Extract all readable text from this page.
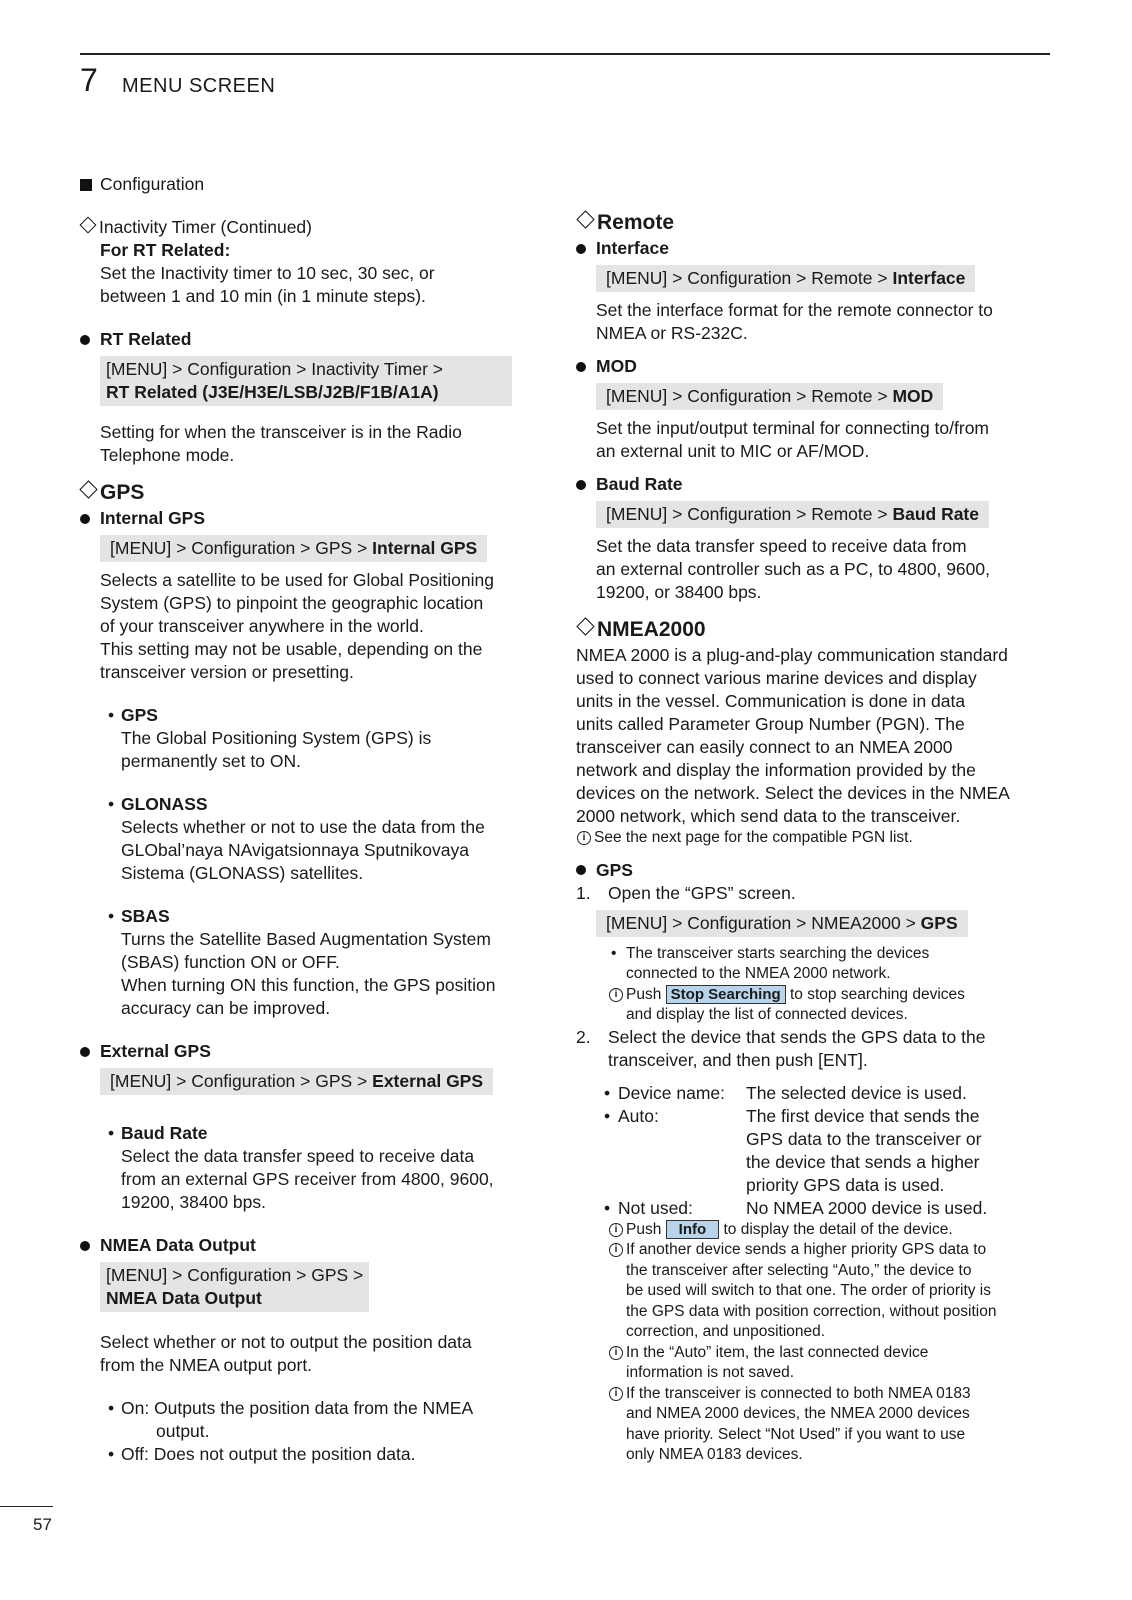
7 MENU SCREEN
Configuration

Inactivity Timer (Continued)

For RT Related:

Set the Inactivity timer to 10 sec, 30 sec, or

between 1 and 10 min (in 1 minute steps).

RT Related
[MENU] > Configuration > Inactivity Timer >
RT Related (J3E/H3E/LSB/J2B/F1B/A1A)

Setting for when the transceiver is in the Radio

Telephone mode.

GPS
Internal GPS
[MENU] > Configuration > GPS > Internal GPS

Selects a satellite to be used for Global Positioning

System (GPS) to pinpoint the geographic location

of your transceiver anywhere in the world.

This setting may not be usable, depending on the

transceiver version or presetting.

• GPS

The Global Positioning System (GPS) is

permanently set to ON.

• GLONASS

Selects whether or not to use the data from the

GLObal’naya NAvigatsionnaya Sputnikovaya

Sistema (GLONASS) satellites.

• SBAS

Turns the Satellite Based Augmentation System

(SBAS) function ON or OFF.

When turning ON this function, the GPS position

accuracy can be improved.

External GPS
[MENU] > Configuration > GPS > External GPS
• Baud Rate

Select the data transfer speed to receive data

from an external GPS receiver from 4800, 9600,

19200, 38400 bps.

NMEA Data Output
[MENU] > Configuration > GPS >
NMEA Data Output

Select whether or not to output the position data

from the NMEA output port.

• On: Outputs the position data from the NMEA output.
• Off: Does not output the position data.
Remote
Interface
[MENU] > Configuration > Remote > Interface

Set the interface format for the remote connector to

NMEA or RS-232C.

MOD
[MENU] > Configuration > Remote > MOD

Set the input/output terminal for connecting to/from

an external unit to MIC or AF/MOD.

Baud Rate
[MENU] > Configuration > Remote > Baud Rate

Set the data transfer speed to receive data from

an external controller such as a PC, to 4800, 9600,

19200, or 38400 bps.

NMEA2000

NMEA 2000 is a plug-and-play communication standard

used to connect various marine devices and display

units in the vessel. Communication is done in data

units called Parameter Group Number (PGN). The

transceiver can easily connect to an NMEA 2000

network and display the information provided by the

devices on the network. Select the devices in the NMEA

2000 network, which send data to the transceiver.

i See the next page for the compatible PGN list.
GPS
1. Open the “GPS” screen.
[MENU] > Configuration > NMEA2000 > GPS
• The transceiver starts searching the devices connected to the NMEA 2000 network.
i Push Stop Searching to stop searching devices
and display the list of connected devices.
2. Select the device that sends the GPS data to the
transceiver, and then push [ENT].
• Device name:	The selected device is used.
• Auto:	The first device that sends the
GPS data to the transceiver or
the device that sends a higher
priority GPS data is used.
• Not used:	No NMEA 2000 device is used.
i Push Info to display the detail of the device.
i If another device sends a higher priority GPS data to
the transceiver after selecting “Auto,” the device to
be used will switch to that one. The order of priority is
the GPS data with position correction, without position
correction, and unpositioned.
i In the “Auto” item, the last connected device
information is not saved.
i If the transceiver is connected to both NMEA 0183
and NMEA 2000 devices, the NMEA 2000 devices
have priority. Select “Not Used” if you want to use
only NMEA 0183 devices.
57
